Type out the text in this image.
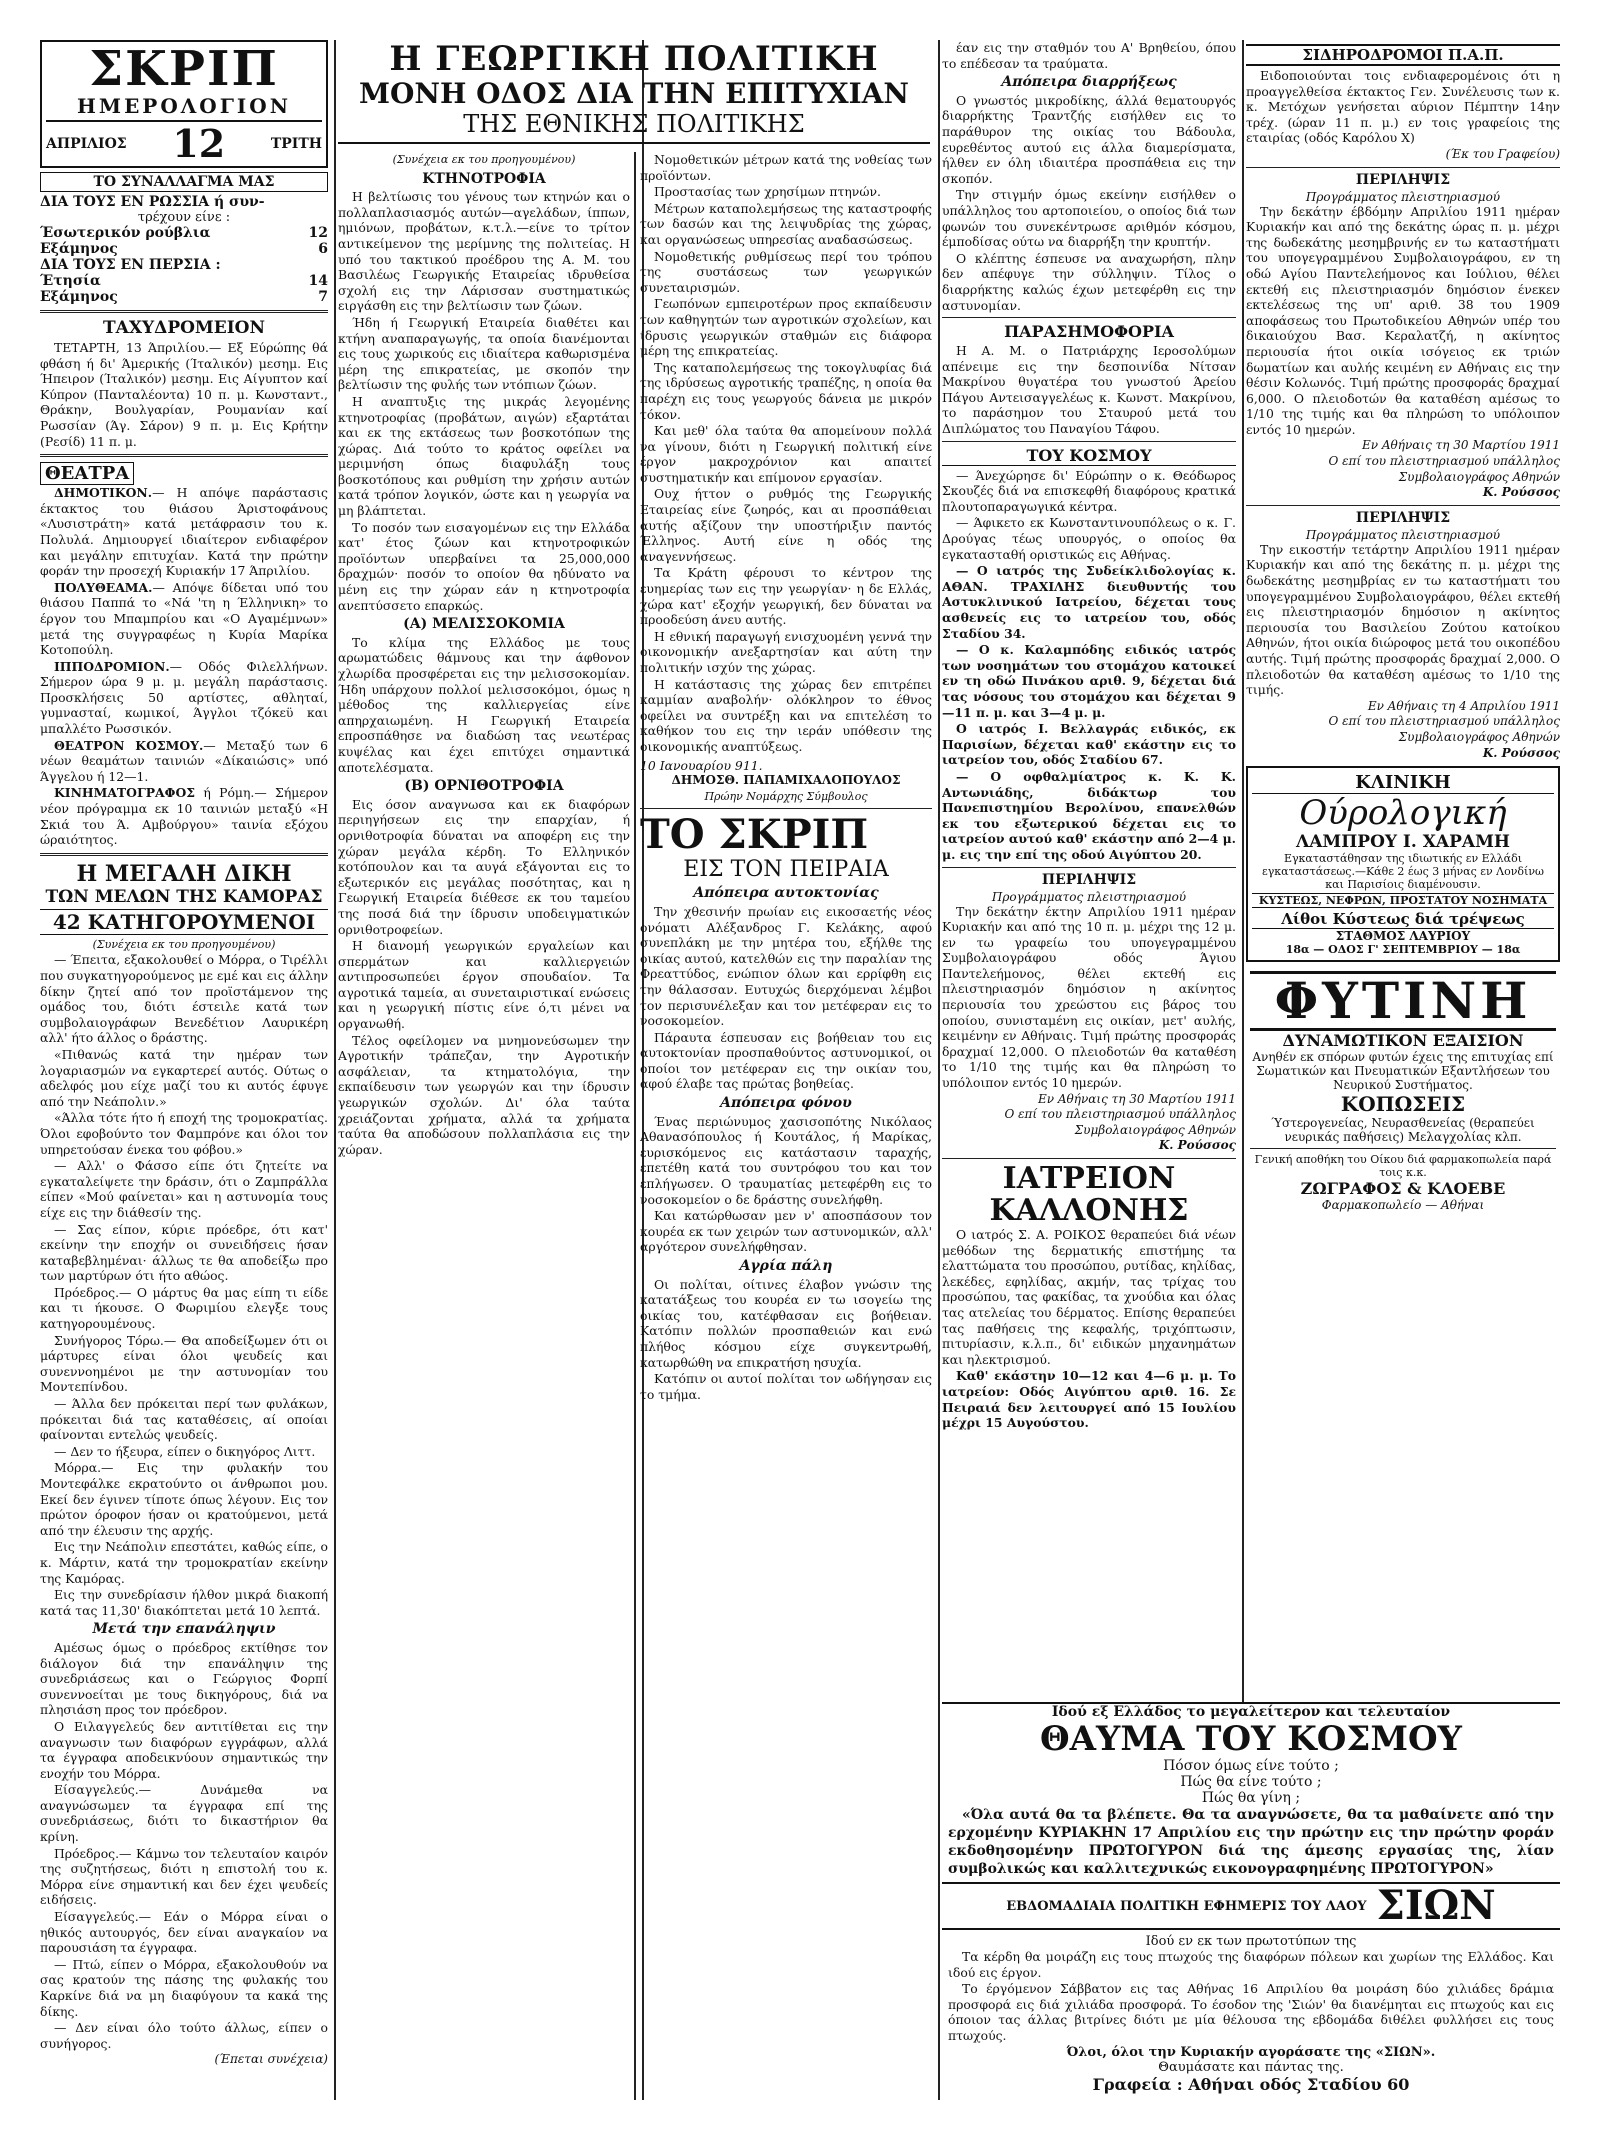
ΣΚΡΙΠ
ΗΜΕΡΟΛΟΓΙΟΝ
ΑΠΡΙΛΙΟΣ 12	ΤΡΙΤΗ
ΤΟ ΣΥΝΑΛΛΑΓΜΑ ΜΑΣ
ΔΙΑ ΤΟΥΣ ΕΝ ΡΩΣΣΙΑ ή συν-
τρέχουν είνε :
Έσωτερικόν ρούβλια	12
Εξάμηνος	6
ΔΙΑ ΤΟΥΣ ΕΝ ΠΕΡΣΙΑ :
Έτησία	14
Εξάμηνος	7
ΤΑΧΥΔΡΟΜΕΙΟΝ

ΤΕΤΑΡΤΗ, 13 Άπριλίου.— Εξ Εύρώπης θά φθάση ή δι' Άμερικής (Ίταλικόν) μεσημ. Εις Ήπειρον (Ίταλικόν) μεσημ. Εις Αίγυπτον καί Κύπρον (Πανταλέοντα) 10 π. μ. Κωνσταντ., Θράκην, Βουλγαρίαν, Ρουμανίαν καί Ρωσσίαν (Άγ. Σάρον) 9 π. μ. Εις Κρήτην (Ρεσίδ) 11 π. μ.

ΘΕΑΤΡΑ

ΔΗΜΟΤΙΚΟΝ.— Η απόψε παράστασις έκτακτος του θιάσου Άριστοφάνους «Λυσιστράτη» κατά μετάφρασιν του κ. Πολυλά. Δημιουργεί ιδιαίτερον ενδιαφέρον και μεγάλην επιτυχίαν. Κατά την πρώτην φοράν την προσεχή Κυριακήν 17 Άπριλίου.

ΠΟΛΥΘΕΑΜΑ.— Απόψε δίδεται υπό του θιάσου Παππά το «Νά 'τη η Έλληνικη» το έργον του Μπαμπρίου και «Ο Αγαμέμνων» μετά της συγγραφέως η Κυρία Μαρίκα Κοτοπούλη.

ΙΠΠΟΔΡΟΜΙΟΝ.— Οδός Φιλελλήνων. Σήμερον ώρα 9 μ. μ. μεγάλη παράστασις. Προσκλήσεις 50 αρτίστες, αθληταί, γυμνασταί, κωμικοί, Άγγλοι τζόκεϋ και μπαλλέτο Ρωσσικόν.

ΘΕΑΤΡΟΝ ΚΟΣΜΟΥ.— Μεταξύ των 6 νέων θεαμάτων ταινιών «Δίκαιώσις» υπό Άγγελου ή 12—1.

ΚΙΝΗΜΑΤΟΓΡΑΦΟΣ ή Ρόμη.— Σήμερον νέον πρόγραμμα εκ 10 ταινιών μεταξύ «Η Σκιά του Ά. Αμβούργου» ταινία εξόχου ώραιότητος.

Η ΜΕΓΑΛΗ ΔΙΚΗ
ΤΩΝ ΜΕΛΩΝ ΤΗΣ ΚΑΜΟΡΑΣ
42 ΚΑΤΗΓΟΡΟΥΜΕΝΟΙ
(Συνέχεια εκ του προηγουμένου)

— Έπειτα, εξακολουθεί ο Μόρρα, ο Τιρέλλι που συγκατηγορούμενος με εμέ και εις άλλην δίκην ζητεί από τον προϊστάμενον της ομάδος του, διότι έστειλε κατά των συμβολαιογράφων Βενεδέτιον Λαυρικέρη αλλ' ήτο άλλος ο δράστης.

«Πιθανώς κατά την ημέραν των λογαριασμών να εγκαρτερεί αυτός. Ούτως ο αδελφός μου είχε μαζί του κι αυτός έφυγε από την Νεάπολιν.»

«Άλλα τότε ήτο ή εποχή της τρομοκρατίας. Όλοι εφοβούντο τον Φαμπρόνε και όλοι τον υπηρετούσαν ένεκα του φόβου.»

— Αλλ' ο Φάσσο είπε ότι ζητείτε να εγκαταλείψετε την δράσιν, ότι ο Ζαμπράλλα είπεν «Μού φαίνεται» και η αστυνομία τους είχε εις την διάθεσίν της.

— Σας είπον, κύριε πρόεδρε, ότι κατ' εκείνην την εποχήν οι συνειδήσεις ήσαν καταβεβλημέναι· άλλως τε θα αποδείξω προ των μαρτύρων ότι ήτο αθώος.

Πρόεδρος.— Ο μάρτυς θα μας είπη τι είδε και τι ήκουσε. Ο Φωριμίου ελεγξε τους κατηγορουμένους.

Συνήγορος Τόρω.— Θα αποδείξωμεν ότι οι μάρτυρες είναι όλοι ψευδείς και συνεννοημένοι με την αστυνομίαν του Μοντεπίνδου.

— Άλλα δεν πρόκειται περί των φυλάκων, πρόκειται διά τας καταθέσεις, αί οποίαι φαίνονται εντελώς ψευδείς.

— Δεν το ήξευρα, είπεν ο δικηγόρος Λιττ.

Μόρρα.— Εις την φυλακήν του Μοντεφάλκε εκρατούντο οι άνθρωποι μου. Εκεί δεν έγινεν τίποτε όπως λέγουν. Εις τον πρώτον όροφον ήσαν οι κρατούμενοι, μετά από την έλευσιν της αρχής.

Εις την Νεάπολιν επεστάτει, καθώς είπε, ο κ. Μάρτιν, κατά την τρομοκρατίαν εκείνην της Καμόρας.

Εις την συνεδρίασιν ήλθον μικρά διακοπή κατά τας 11,30' διακόπτεται μετά 10 λεπτά.

Μετά την επανάληψιν

Αμέσως όμως ο πρόεδρος εκτίθησε τον διάλογον διά την επανάληψιν της συνεδριάσεως και ο Γεώργιος Φορπί συνεννοείται με τους δικηγόρους, διά να πλησιάση προς τον πρόεδρον.

Ο Ειλαγγελεύς δεν αντιτίθεται εις την αναγνωσιν των διαφόρων εγγράφων, αλλά τα έγγραφα αποδεικνύουν σημαντικώς την ενοχήν του Μόρρα.

Είσαγγελεύς.— Δυνάμεθα να αναγνώσωμεν τα έγγραφα επί της συνεδριάσεως, διότι το δικαστήριον θα κρίνη.

Πρόεδρος.— Κάμνω τον τελευταίον καιρόν της συζητήσεως, διότι η επιστολή του κ. Μόρρα είνε σημαντική και δεν έχει ψευδείς ειδήσεις.

Είσαγγελεύς.— Εάν ο Μόρρα είναι ο ηθικός αυτουργός, δεν είναι αναγκαίον να παρουσιάση τα έγγραφα.

— Πτώ, είπεν ο Μόρρα, εξακολουθούν να σας κρατούν της πάσης της φυλακής του Καρκίνε διά να μη διαφύγουν τα κακά της δίκης.

— Δεν είναι όλο τούτο άλλως, είπεν ο συνήγορος.

(Έπεται συνέχεια)
Η ΓΕΩΡΓΙΚΗ ΠΟΛΙΤΙΚΗ
ΜΟΝΗ ΟΔΟΣ ΔΙΑ ΤΗΝ ΕΠΙΤΥΧΙΑΝ
ΤΗΣ ΕΘΝΙΚΗΣ ΠΟΛΙΤΙΚΗΣ
(Συνέχεια εκ του προηγουμένου)
ΚΤΗΝΟΤΡΟΦΙΑ

Η βελτίωσις του γένους των κτηνών και ο πολλαπλασιασμός αυτών—αγελάδων, ίππων, ημιόνων, προβάτων, κ.τ.λ.—είνε το τρίτον αντικείμενον της μερίμνης της πολιτείας. Η υπό του τακτικού προέδρου της Α. Μ. του Βασιλέως Γεωργικής Εταιρείας ιδρυθείσα σχολή εις την Λάρισσαν συστηματικώς ειργάσθη εις την βελτίωσιν των ζώων.

Ήδη ή Γεωργική Εταιρεία διαθέτει και κτήνη αναπαραγωγής, τα οποία διανέμονται εις τους χωρικούς εις ιδιαίτερα καθωρισμένα μέρη της επικρατείας, με σκοπόν την βελτίωσιν της φυλής των ντόπιων ζώων.

Η αναπτυξις της μικράς λεγομένης κτηνοτροφίας (προβάτων, αιγών) εξαρτάται και εκ της εκτάσεως των βοσκοτόπων της χώρας. Διά τούτο το κράτος οφείλει να μεριμνήση όπως διαφυλάξη τους βοσκοτόπους και ρυθμίση την χρήσιν αυτών κατά τρόπον λογικόν, ώστε και η γεωργία να μη βλάπτεται.

Το ποσόν των εισαγομένων εις την Ελλάδα κατ' έτος ζώων και κτηνοτροφικών προϊόντων υπερβαίνει τα 25,000,000 δραχμών· ποσόν το οποίον θα ηδύνατο να μένη εις την χώραν εάν η κτηνοτροφία ανεπτύσσετο επαρκώς.

(Α) ΜΕΛΙΣΣΟΚΟΜΙΑ

Το κλίμα της Ελλάδος με τους αρωματώδεις θάμνους και την άφθονον χλωρίδα προσφέρεται εις την μελισσοκομίαν. Ήδη υπάρχουν πολλοί μελισσοκόμοι, όμως η μέθοδος της καλλιεργείας είνε απηρχαιωμένη. Η Γεωργική Εταιρεία επροσπάθησε να διαδώση τας νεωτέρας κυψέλας και έχει επιτύχει σημαντικά αποτελέσματα.

(Β) ΟΡΝΙΘΟΤΡΟΦΙΑ

Εις όσον αναγνωσα και εκ διαφόρων περιηγήσεων εις την επαρχίαν, ή ορνιθοτροφία δύναται να αποφέρη εις την χώραν μεγάλα κέρδη. Το Ελληνικόν κοτόπουλον και τα αυγά εξάγονται εις το εξωτερικόν εις μεγάλας ποσότητας, και η Γεωργική Εταιρεία διέθεσε εκ του ταμείου της ποσά διά την ίδρυσιν υποδειγματικών ορνιθοτροφείων.

Η διανομή γεωργικών εργαλείων και σπερμάτων και καλλιεργειών αντιπροσωπεύει έργον σπουδαίον. Τα αγροτικά ταμεία, αι συνεταιριστικαί ενώσεις και η γεωργική πίστις είνε ό,τι μένει να οργανωθή.

Τέλος οφείλομεν να μνημονεύσωμεν την Αγροτικήν τράπεζαν, την Αγροτικήν ασφάλειαν, τα κτηματολόγια, την εκπαίδευσιν των γεωργών και την ίδρυσιν γεωργικών σχολών. Δι' όλα ταύτα χρειάζονται χρήματα, αλλά τα χρήματα ταύτα θα αποδώσουν πολλαπλάσια εις την χώραν.

Νομοθετικών μέτρων κατά της νοθείας των προϊόντων.

Προστασίας των χρησίμων πτηνών.

Μέτρων καταπολεμήσεως της καταστροφής των δασών και της λειψυδρίας της χώρας, και οργανώσεως υπηρεσίας αναδασώσεως.

Νομοθετικής ρυθμίσεως περί του τρόπου της συστάσεως των γεωργικών συνεταιρισμών.

Γεωπόνων εμπειροτέρων προς εκπαίδευσιν των καθηγητών των αγροτικών σχολείων, και ίδρυσις γεωργικών σταθμών εις διάφορα μέρη της επικρατείας.

Της καταπολεμήσεως της τοκογλυφίας διά της ιδρύσεως αγροτικής τραπέζης, η οποία θα παρέχη εις τους γεωργούς δάνεια με μικρόν τόκον.

Και μεθ' όλα ταύτα θα απομείνουν πολλά να γίνουν, διότι η Γεωργική πολιτική είνε έργον μακροχρόνιον και απαιτεί συστηματικήν και επίμονον εργασίαν.

Ουχ ήττον ο ρυθμός της Γεωργικής Εταιρείας είνε ζωηρός, και αι προσπάθειαι αυτής αξίζουν την υποστήριξιν παντός Έλληνος. Αυτή είνε η οδός της αναγεννήσεως.

Τα Κράτη φέρουσι το κέντρον της ευημερίας των εις την γεωργίαν· η δε Ελλάς, χώρα κατ' εξοχήν γεωργική, δεν δύναται να προοδεύση άνευ αυτής.

Η εθνική παραγωγή ενισχυομένη γεννά την οικονομικήν ανεξαρτησίαν και αύτη την πολιτικήν ισχύν της χώρας.

Η κατάστασις της χώρας δεν επιτρέπει καμμίαν αναβολήν· ολόκληρον το έθνος οφείλει να συντρέξη και να επιτελέση το καθήκον του εις την ιεράν υπόθεσιν της οικονομικής αναπτύξεως.

10 Ιανουαρίου 911.
ΔΗΜΟΣΘ. ΠΑΠΑΜΙΧΑΛΟΠΟΥΛΟΣ
Πρώην Νομάρχης Σύμβουλος
ΤΟ ΣΚΡΙΠ
ΕΙΣ ΤΟΝ ΠΕΙΡΑΙΑ
Απόπειρα αυτοκτονίας

Την χθεσινήν πρωίαν εις εικοσαετής νέος ονόματι Αλέξανδρος Γ. Κελάκης, αφού συνεπλάκη με την μητέρα του, εξήλθε της οικίας αυτού, κατελθών εις την παραλίαν της Φρεαττύδος, ενώπιον όλων και ερρίφθη εις την θάλασσαν. Ευτυχώς διερχόμεναι λέμβοι τον περισυνέλεξαν και τον μετέφεραν εις το νοσοκομείον.

Πάραυτα έσπευσαν εις βοήθειαν του εις αυτοκτονίαν προσπαθούντος αστυνομικοί, οι οποίοι τον μετέφεραν εις την οικίαν του, αφού έλαβε τας πρώτας βοηθείας.

Απόπειρα φόνου

Ένας περιώνυμος χασισοπότης Νικόλαος Αθανασόπουλος ή Κουτάλος, ή Μαρίκας, ευρισκόμενος εις κατάστασιν ταραχής, επετέθη κατά του συντρόφου του και τον επλήγωσεν. Ο τραυματίας μετεφέρθη εις το νοσοκομείον ο δε δράστης συνελήφθη.

Και κατώρθωσαν μεν ν' αποσπάσουν τον κουρέα εκ των χειρών των αστυνομικών, αλλ' αργότερον συνελήφθησαν.

Αγρία πάλη

Οι πολίται, οίτινες έλαβον γνώσιν της κατατάξεως του κουρέα εν τω ισογείω της οικίας του, κατέφθασαν εις βοήθειαν. Κατόπιν πολλών προσπαθειών και ενώ πλήθος κόσμου είχε συγκεντρωθή, κατωρθώθη να επικρατήση ησυχία.

Κατόπιν οι αυτοί πολίται τον ωδήγησαν εις το τμήμα.

έαν εις την σταθμόν του Α' Βρηθείου, όπου το επέδεσαν τα τραύματα.

Απόπειρα διαρρήξεως

Ο γνωστός μικροδίκης, άλλά θεματουργός διαρρήκτης Τραντζής εισήλθεν εις το παράθυρον της οικίας του Βάδουλα, ευρεθέντος αυτού εις άλλα διαμερίσματα, ήλθεν εν όλη ιδιαιτέρα προσπάθεια εις την σκοπόν.

Την στιγμήν όμως εκείνην εισήλθεν ο υπάλληλος του αρτοποιείου, ο οποίος διά των φωνών του συνεκέντρωσε αριθμόν κόσμου, έμποδίσας ούτω να διαρρήξη την κρυπτήν.

Ο κλέπτης έσπευσε να αναχωρήση, πλην δεν απέφυγε την σύλληψιν. Τίλος ο διαρρήκτης καλώς έχων μετεφέρθη εις την αστυνομίαν.

ΠΑΡΑΣΗΜΟΦΟΡΙΑ

Η Α. Μ. ο Πατριάρχης Ιεροσολύμων απένειμε εις την δεσποινίδα Νίτσαν Μακρίνου θυγατέρα του γνωστού Άρείου Πάγου Αντεισαγγελέως κ. Κωνστ. Μακρίνου, το παράσημον του Σταυρού μετά του Διπλώματος του Παναγίου Τάφου.

ΤΟΥ ΚΟΣΜΟΥ

— Άνεχώρησε δι' Εύρώπην ο κ. Θεόδωρος Σκουζές διά να επισκεφθή διαφόρους κρατικά πλουτοπαραγωγικά κέντρα.

— Άφικετο εκ Κωνσταντινουπόλεως ο κ. Γ. Δρούγας τέως υπουργός, ο οποίος θα εγκατασταθή οριστικώς εις Αθήνας.

— Ο ιατρός της Συδείκλιδολογίας κ. ΑΘΑΝ. ΤΡΑΧΙΛΗΣ διευθυντής του Αστυκλινικού Ιατρείου, δέχεται τους ασθενείς εις το ιατρείον του, οδός Σταδίου 34.

— Ο κ. Καλαμπόδης ειδικός ιατρός των νοσημάτων του στομάχου κατοικεί εν τη οδώ Πινάκου αριθ. 9, δέχεται διά τας νόσους του στομάχου και δέχεται 9—11 π. μ. και 3—4 μ. μ.

Ο ιατρός Ι. Βελλαγράς ειδικός, εκ Παρισίων, δέχεται καθ' εκάστην εις το ιατρείον του, οδός Σταδίου 67.

— Ο οφθαλμίατρος κ. Κ. Κ. Αντωνιάδης, διδάκτωρ του Πανεπιστημίου Βερολίνου, επανελθών εκ του εξωτερικού δέχεται εις το ιατρείον αυτού καθ' εκάστην από 2—4 μ. μ. εις την επί της οδού Αιγύπτου 20.

ΠΕΡΙΛΗΨΙΣ
Προγράμματος πλειστηριασμού

Την δεκάτην έκτην Απριλίου 1911 ημέραν Κυριακήν και από της 10 π. μ. μέχρι της 12 μ. εν τω γραφείω του υπογεγραμμένου Συμβολαιογράφου οδός Άγιου Παντελεήμονος, θέλει εκτεθή εις πλειστηριασμόν δημόσιον η ακίνητος περιουσία του χρεώστου εις βάρος του οποίου, συνισταμένη εις οικίαν, μετ' αυλής, κειμένην εν Αθήναις. Τιμή πρώτης προσφοράς δραχμαί 12,000. Ο πλειοδοτών θα καταθέση το 1/10 της τιμής και θα πληρώση το υπόλοιπον εντός 10 ημερών.

Εν Αθήναις τη 30 Μαρτίου 1911
Ο επί του πλειστηριασμού υπάλληλος
Συμβολαιογράφος Αθηνών
Κ. Ρούσσος
ΙΑΤΡΕΙΟΝ
ΚΑΛΛΟΝΗΣ

Ο ιατρός Σ. Α. ΡΟΙΚΟΣ θεραπεύει διά νέων μεθόδων της δερματικής επιστήμης τα ελαττώματα του προσώπου, ρυτίδας, κηλίδας, λεκέδες, εφηλίδας, ακμήν, τας τρίχας του προσώπου, τας φακίδας, τα χνούδια και όλας τας ατελείας του δέρματος. Επίσης θεραπεύει τας παθήσεις της κεφαλής, τριχόπτωσιν, πιτυρίασιν, κ.λ.π., δι' ειδικών μηχανημάτων και ηλεκτρισμού.

Καθ' εκάστην 10—12 και 4—6 μ. μ. Το ιατρείον: Οδός Αιγύπτου αριθ. 16. Σε Πειραιά δεν λειτουργεί από 15 Ιουλίου μέχρι 15 Αυγούστου.

ΣΙΔΗΡΟΔΡΟΜΟΙ Π.Α.Π.

Ειδοποιούνται τοις ενδιαφερομένοις ότι η προαγγελθείσα έκτακτος Γεν. Συνέλευσις των κ. κ. Μετόχων γενήσεται αύριον Πέμπτην 14ην τρέχ. (ώραν 11 π. μ.) εν τοις γραφείοις της εταιρίας (οδός Καρόλου Χ)

(Έκ του Γραφείου)
ΠΕΡΙΛΗΨΙΣ
Προγράμματος πλειστηριασμού

Την δεκάτην έβδόμην Απριλίου 1911 ημέραν Κυριακήν και από της δεκάτης ώρας π. μ. μέχρι της δωδεκάτης μεσημβρινής εν τω καταστήματι του υπογεγραμμένου Συμβολαιογράφου, εν τη οδώ Αγίου Παντελεήμονος και Ιούλιου, θέλει εκτεθή εις πλειστηριασμόν δημόσιον ένεκεν εκτελέσεως της υπ' αριθ. 38 του 1909 αποφάσεως του Πρωτοδικείου Αθηνών υπέρ του δικαιούχου Βασ. Κεραλατζή, η ακίνητος περιουσία ήτοι οικία ισόγειος εκ τριών δωματίων και αυλής κειμένη εν Αθήναις εις την θέσιν Κολωνός. Τιμή πρώτης προσφοράς δραχμαί 6,000. Ο πλειοδοτών θα καταθέση αμέσως το 1/10 της τιμής και θα πληρώση το υπόλοιπον εντός 10 ημερών.

Εν Αθήναις τη 30 Μαρτίου 1911
Ο επί του πλειστηριασμού υπάλληλος
Συμβολαιογράφος Αθηνών
Κ. Ρούσσος
ΠΕΡΙΛΗΨΙΣ
Προγράμματος πλειστηριασμού

Την εικοστήν τετάρτην Απριλίου 1911 ημέραν Κυριακήν και από της δεκάτης π. μ. μέχρι της δωδεκάτης μεσημβρίας εν τω καταστήματι του υπογεγραμμένου Συμβολαιογράφου, θέλει εκτεθή εις πλειστηριασμόν δημόσιον η ακίνητος περιουσία του Βασιλείου Ζούτου κατοίκου Αθηνών, ήτοι οικία διώροφος μετά του οικοπέδου αυτής. Τιμή πρώτης προσφοράς δραχμαί 2,000. Ο πλειοδοτών θα καταθέση αμέσως το 1/10 της τιμής.

Εν Αθήναις τη 4 Απριλίου 1911
Ο επί του πλειστηριασμού υπάλληλος
Συμβολαιογράφος Αθηνών
Κ. Ρούσσος
ΚΛΙΝΙΚΗ
Ούρολογική
ΛΑΜΠΡΟΥ Ι. ΧΑΡΑΜΗ
Εγκαταστάθησαν της ιδιωτικής εν Ελλάδι εγκαταστάσεως.—Κάθε 2 έως 3 μήνας εν Λονδίνω και Παρισίοις διαμένουσιν.
ΚΥΣΤΕΩΣ, ΝΕΦΡΩΝ, ΠΡΟΣΤΑΤΟΥ ΝΟΣΗΜΑΤΑ
Λίθοι Κύστεως διά τρέψεως
ΣΤΑΘΜΟΣ ΛΑΥΡΙΟΥ
18α — ΟΔΟΣ Γ' ΣΕΠΤΕΜΒΡΙΟΥ — 18α
ΦΥΤΙΝΗ
ΔΥΝΑΜΩΤΙΚΟΝ ΕΞΑΙΣΙΟΝ
Ανηθέν εκ σπόρων φυτών έχεις της επιτυχίας επί Σωματικών και Πνευματικών Εξαντλήσεων του Νευρικού Συστήματος.
ΚΟΠΩΣΕΙΣ
Ύστερογενείας, Νευρασθενείας (θεραπεύει νευρικάς παθήσεις) Μελαγχολίας κλπ.
Γενική αποθήκη του Οίκου διά φαρμακοπωλεία παρά τοις κ.κ.
ΖΩΓΡΑΦΟΣ & ΚΛΟΕΒΕ
Φαρμακοπωλείο — Αθήναι
Ιδού εξ Ελλάδος το μεγαλείτερον και τελευταίον
ΘΑΥΜΑ ΤΟΥ ΚΟΣΜΟΥ
Πόσον όμως είνε τούτο ;
Πώς θα είνε τούτο ;
Πώς θα γίνη ;

«Όλα αυτά θα τα βλέπετε. Θα τα αναγνώσετε, θα τα μαθαίνετε από την ερχομένην ΚΥΡΙΑΚΗΝ 17 Απριλίου εις την πρώτην εις την πρώτην φοράν εκδοθησομένην ΠΡΩΤΟΓΥΡΟΝ διά της άμεσης εργασίας της, λίαν συμβολικώς και καλλιτεχνικώς εικονογραφημένης ΠΡΩΤΟΓΥΡΟΝ»

ΕΒΔΟΜΑΔΙΑΙΑ ΠΟΛΙΤΙΚΗ ΕΦΗΜΕΡΙΣ ΤΟΥ ΛΑΟΥ ΣΙΩΝ
Ιδού εν εκ των πρωτοτύπων της

Τα κέρδη θα μοιράζη εις τους πτωχούς της διαφόρων πόλεων και χωρίων της Ελλάδος. Και ιδού εις έργον.

Το έργόμενον Σάββατον εις τας Αθήνας 16 Απριλίου θα μοιράση δύο χιλιάδες δράμια προσφορά εις διά χιλιάδα προσφορά. Το έσοδον της 'Σιών' θα διανέμηται εις πτωχούς και εις όποιον τας άλλας βιτρίνες διότι με μία θέλουσα της εβδομάδα διθέλει φυλλήσει εις τους πτωχούς.

Όλοι, όλοι την Κυριακήν αγοράσατε της «ΣΙΩΝ».
Θαυμάσατε και πάντας της.
Γραφεία : Αθήναι οδός Σταδίου 60
